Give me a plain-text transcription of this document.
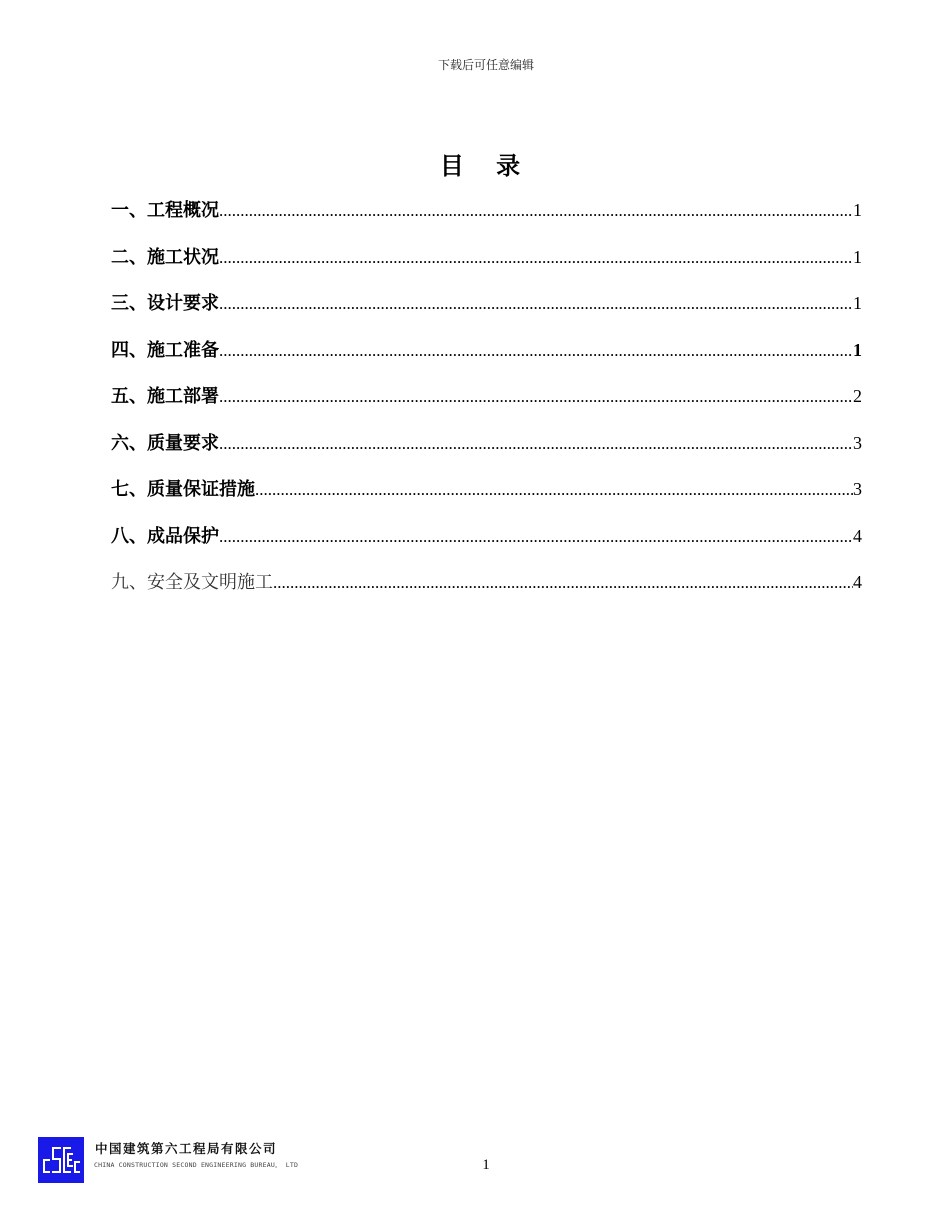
下载后可任意编辑
目 录
一、工程概况 .....	1
二、施工状况 .....	1
三、设计要求 .....	1
四、施工准备 .....	1
五、施工部署 .....	2
六、质量要求 .....	3
七、质量保证措施 .....	3
八、成品保护 .....	4
九、安全及文明施工 .....	4
中国建筑第六工程局有限公司
CHINA CONSTRUCTION SECOND ENGINEERING BUREAU。 LTD	1
